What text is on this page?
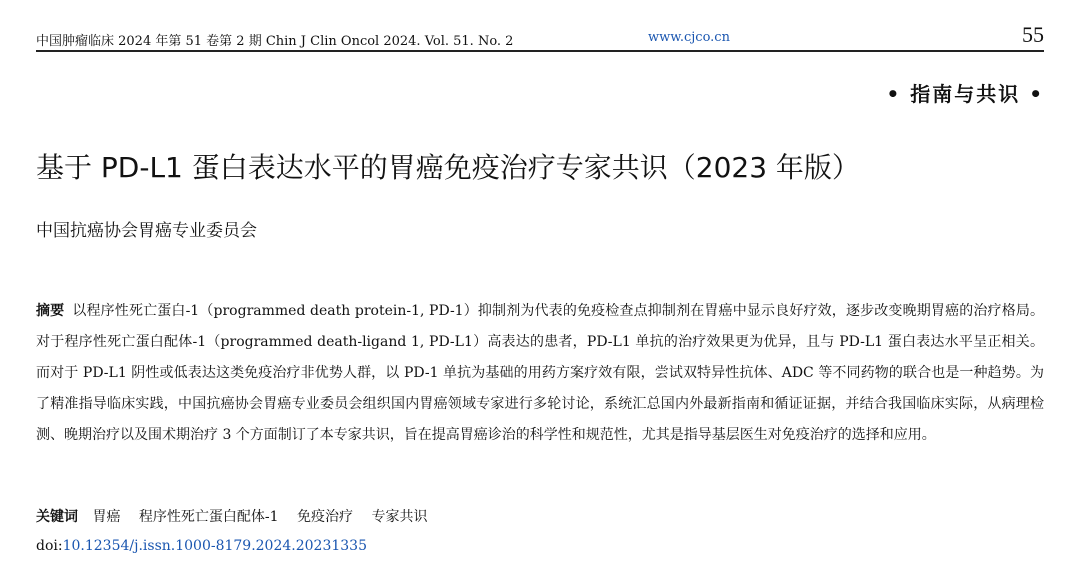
中国肿瘤临床 2024 年第 51 卷第 2 期 Chin J Clin Oncol 2024. Vol. 51. No. 2	www.cjco.cn	55
• 指南与共识 •
基于 PD-L1 蛋白表达水平的胃癌免疫治疗专家共识（2023 年版）
中国抗癌协会胃癌专业委员会
摘要 以程序性死亡蛋白-1（programmed death protein-1, PD-1）抑制剂为代表的免疫检查点抑制剂在胃癌中显示良好疗效，逐步改变晚期胃癌的治疗格局。对于程序性死亡蛋白配体-1（programmed death-ligand 1, PD-L1）高表达的患者，PD-L1 单抗的治疗效果更为优异，且与 PD-L1 蛋白表达水平呈正相关。而对于 PD-L1 阴性或低表达这类免疫治疗非优势人群，以 PD-1 单抗为基础的用药方案疗效有限，尝试双特异性抗体、ADC 等不同药物的联合也是一种趋势。为了精准指导临床实践，中国抗癌协会胃癌专业委员会组织国内胃癌领域专家进行多轮讨论，系统汇总国内外最新指南和循证证据，并结合我国临床实际，从病理检测、晚期治疗以及围术期治疗 3 个方面制订了本专家共识，旨在提高胃癌诊治的科学性和规范性，尤其是指导基层医生对免疫治疗的选择和应用。
关键词 胃癌 程序性死亡蛋白配体-1 免疫治疗 专家共识
doi:10.12354/j.issn.1000-8179.2024.20231335
